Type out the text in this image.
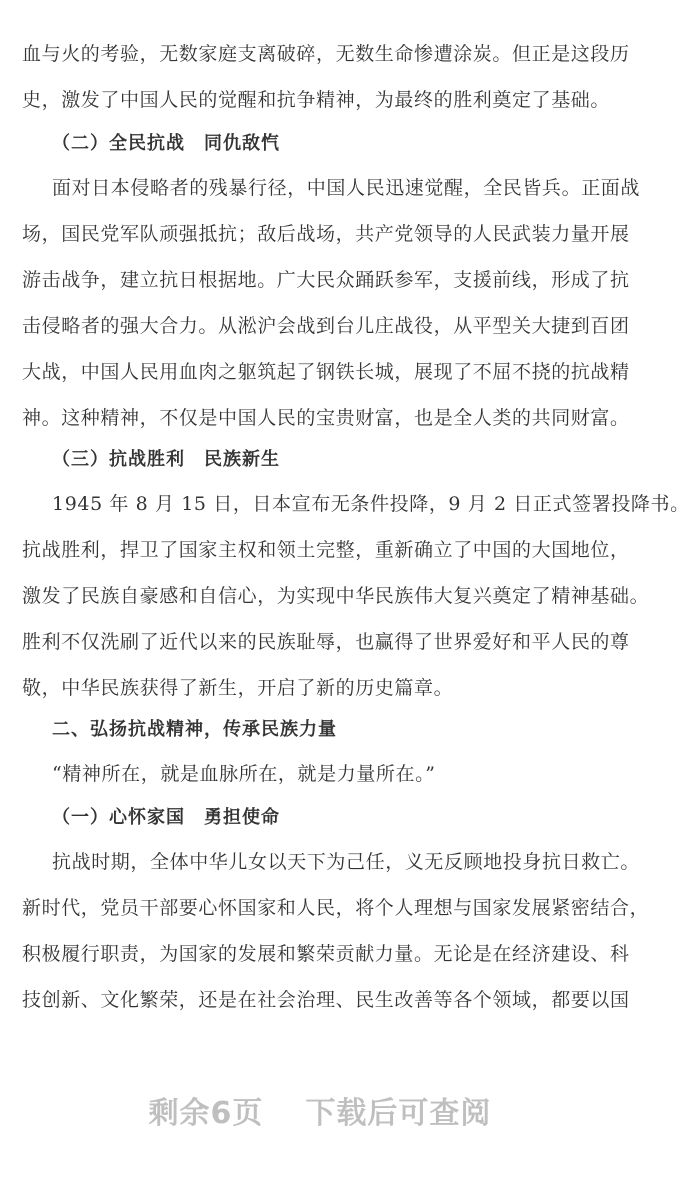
血与火的考验，无数家庭支离破碎，无数生命惨遭涂炭。但正是这段历
史，激发了中国人民的觉醒和抗争精神，为最终的胜利奠定了基础。
（二）全民抗战　同仇敌忾
面对日本侵略者的残暴行径，中国人民迅速觉醒，全民皆兵。正面战
场，国民党军队顽强抵抗；敌后战场，共产党领导的人民武装力量开展
游击战争，建立抗日根据地。广大民众踊跃参军，支援前线，形成了抗
击侵略者的强大合力。从淞沪会战到台儿庄战役，从平型关大捷到百团
大战，中国人民用血肉之躯筑起了钢铁长城，展现了不屈不挠的抗战精
神。这种精神，不仅是中国人民的宝贵财富，也是全人类的共同财富。
（三）抗战胜利　民族新生
1945 年 8 月 15 日，日本宣布无条件投降，9 月 2 日正式签署投降书。
抗战胜利，捍卫了国家主权和领土完整，重新确立了中国的大国地位，
激发了民族自豪感和自信心，为实现中华民族伟大复兴奠定了精神基础。
胜利不仅洗刷了近代以来的民族耻辱，也赢得了世界爱好和平人民的尊
敬，中华民族获得了新生，开启了新的历史篇章。
二、弘扬抗战精神，传承民族力量
“精神所在，就是血脉所在，就是力量所在。”
（一）心怀家国　勇担使命
抗战时期，全体中华儿女以天下为己任，义无反顾地投身抗日救亡。
新时代，党员干部要心怀国家和人民，将个人理想与国家发展紧密结合，
积极履行职责，为国家的发展和繁荣贡献力量。无论是在经济建设、科
技创新、文化繁荣，还是在社会治理、民生改善等各个领域，都要以国
剩余6页 下载后可查阅
